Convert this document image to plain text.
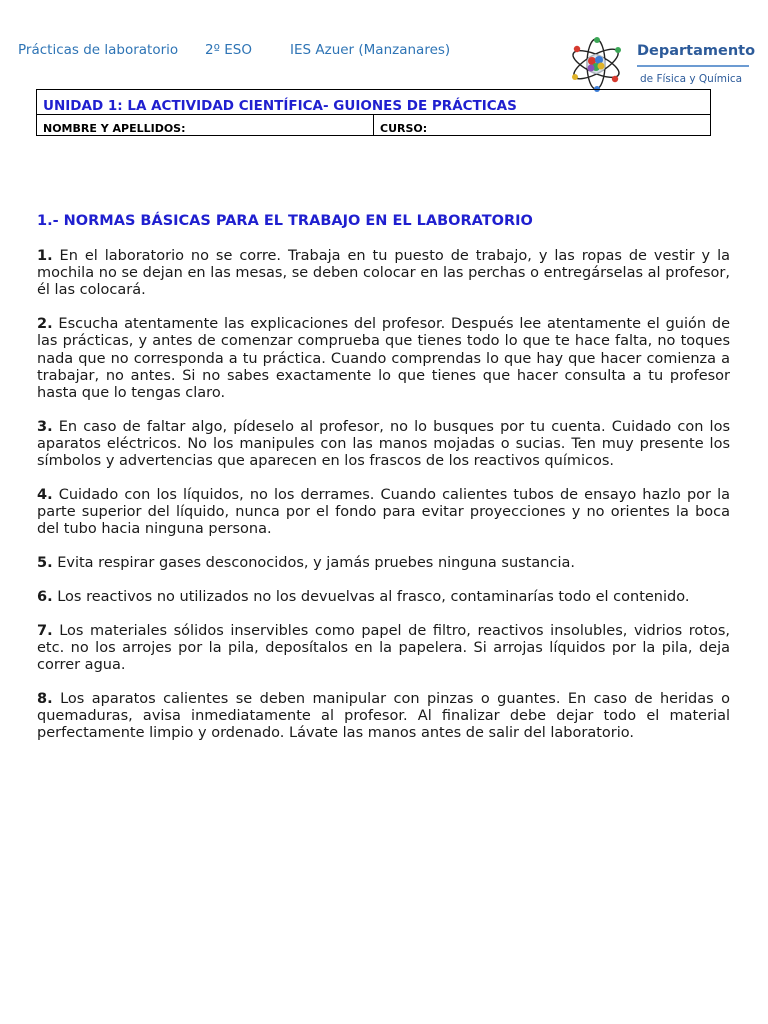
Prácticas de laboratorio 2º ESO	IES Azuer (Manzanares)	Departamento
de Física y Química
UNIDAD 1: LA ACTIVIDAD CIENTÍFICA- GUIONES DE PRÁCTICAS
NOMBRE Y APELLIDOS:	CURSO:
1.- NORMAS BÁSICAS PARA EL TRABAJO EN EL LABORATORIO

1. En el laboratorio no se corre. Trabaja en tu puesto de trabajo, y las ropas de vestir y la mochila no se dejan en las mesas, se deben colocar en las perchas o entregárselas al profesor, él las colocará.

2. Escucha atentamente las explicaciones del profesor. Después lee atentamente el guión de las prácticas, y antes de comenzar comprueba que tienes todo lo que te hace falta, no toques nada que no corresponda a tu práctica. Cuando comprendas lo que hay que hacer comienza a trabajar, no antes. Si no sabes exactamente lo que tienes que hacer consulta a tu profesor hasta que lo tengas claro.

3. En caso de faltar algo, pídeselo al profesor, no lo busques por tu cuenta. Cuidado con los aparatos eléctricos. No los manipules con las manos mojadas o sucias. Ten muy presente los símbolos y advertencias que aparecen en los frascos de los reactivos químicos.

4. Cuidado con los líquidos, no los derrames. Cuando calientes tubos de ensayo hazlo por la parte superior del líquido, nunca por el fondo para evitar proyecciones y no orientes la boca del tubo hacia ninguna persona.

5. Evita respirar gases desconocidos, y jamás pruebes ninguna sustancia.

6. Los reactivos no utilizados no los devuelvas al frasco, contaminarías todo el contenido.

7. Los materiales sólidos inservibles como papel de filtro, reactivos insolubles, vidrios rotos, etc. no los arrojes por la pila, deposítalos en la papelera. Si arrojas líquidos por la pila, deja correr agua.

8. Los aparatos calientes se deben manipular con pinzas o guantes. En caso de heridas o quemaduras, avisa inmediatamente al profesor. Al finalizar debe dejar todo el material perfectamente limpio y ordenado. Lávate las manos antes de salir del laboratorio.
